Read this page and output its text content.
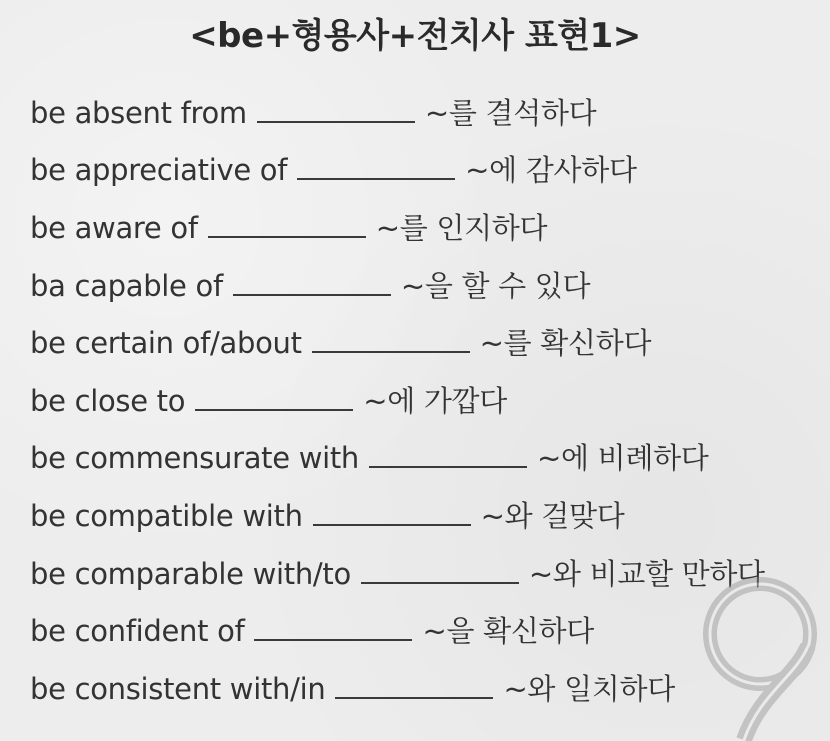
<be+형용사+전치사 표현1>
be absent from	~를 결석하다
be appreciative of	~에 감사하다
be aware of	~를 인지하다
ba capable of	~을 할 수 있다
be certain of/about	~를 확신하다
be close to	~에 가깝다
be commensurate with	~에 비례하다
be compatible with	~와 걸맞다
be comparable with/to	~와 비교할 만하다
be confident of	~을 확신하다
be consistent with/in	~와 일치하다
